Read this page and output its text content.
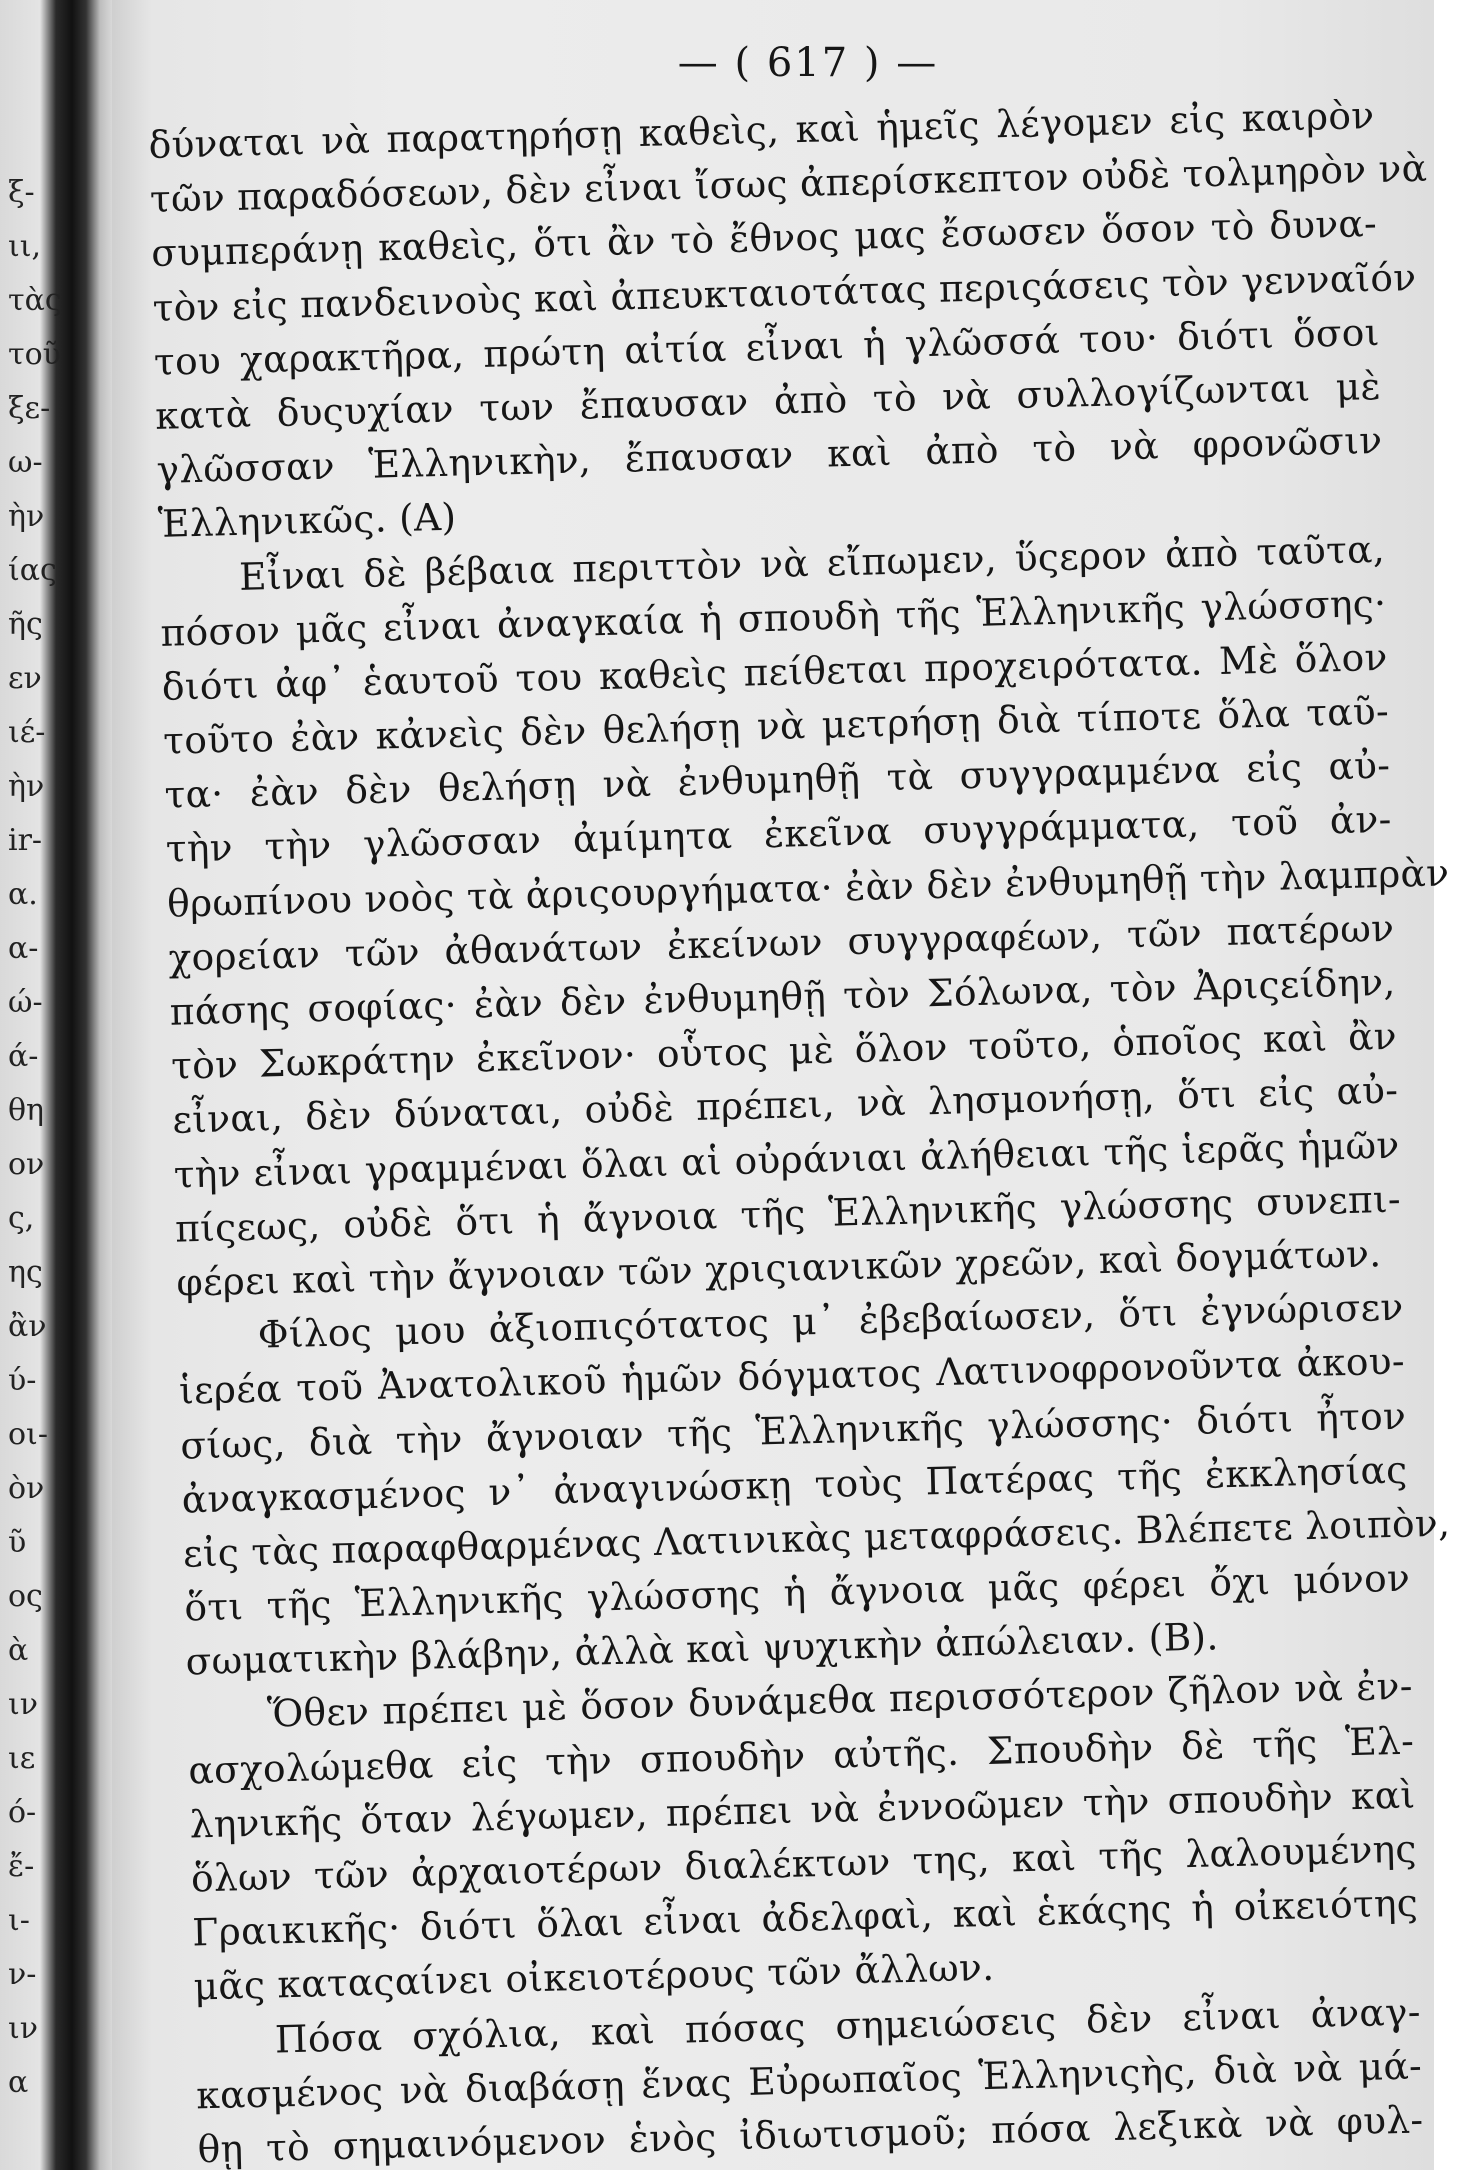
ξ-
ιι,
τὰς
τοῦ
ξε-
ω-
ὴν
ίας
ῆς
εν
ιέ-
ὴν
ir-
α.
α-
ώ-
ά-
θη
ον
ς,
ης
ἂν
ύ-
οι-
ὸν
ῦ
ος
ὰ
ιν
ιε
ό-
ἔ-
ι-
ν-
ιν
α
— ( 617 ) —
δύναται νὰ παρατηρήσῃ καθεὶς, καὶ ἡμεῖς λέγομεν εἰς καιρὸν
τῶν παραδόσεων, δὲν εἶναι ἴσως ἀπερίσκεπτον οὐδὲ τολμηρὸν νὰ
συμπεράνῃ καθεὶς, ὅτι ἂν τὸ ἔθνος μας ἔσωσεν ὅσον τὸ δυνα-
τὸν εἰς πανδεινοὺς καὶ ἀπευκταιοτάτας περιςάσεις τὸν γενναῖόν
του χαρακτῆρα, πρώτη αἰτία εἶναι ἡ γλῶσσά του· διότι ὅσοι
κατὰ δυςυχίαν των ἔπαυσαν ἀπὸ τὸ νὰ συλλογίζωνται μὲ
γλῶσσαν Ἑλληνικὴν, ἔπαυσαν καὶ ἀπὸ τὸ νὰ φρονῶσιν
Ἑλληνικῶς. (Α)
Εἶναι δὲ βέβαια περιττὸν νὰ εἴπωμεν, ὕςερον ἀπὸ ταῦτα,
πόσον μᾶς εἶναι ἀναγκαία ἡ σπουδὴ τῆς Ἑλληνικῆς γλώσσης·
διότι ἀφ᾽ ἑαυτοῦ του καθεὶς πείθεται προχειρότατα. Μὲ ὅλον
τοῦτο ἐὰν κἀνεὶς δὲν θελήσῃ νὰ μετρήσῃ διὰ τίποτε ὅλα ταῦ-
τα· ἐὰν δὲν θελήσῃ νὰ ἐνθυμηθῇ τὰ συγγραμμένα εἰς αὐ-
τὴν τὴν γλῶσσαν ἀμίμητα ἐκεῖνα συγγράμματα, τοῦ ἀν-
θρωπίνου νοὸς τὰ ἀριςουργήματα· ἐὰν δὲν ἐνθυμηθῇ τὴν λαμπρὰν
χορείαν τῶν ἀθανάτων ἐκείνων συγγραφέων, τῶν πατέρων
πάσης σοφίας· ἐὰν δὲν ἐνθυμηθῇ τὸν Σόλωνα, τὸν Ἀριςείδην,
τὸν Σωκράτην ἐκεῖνον· οὗτος μὲ ὅλον τοῦτο, ὁποῖος καὶ ἂν
εἶναι, δὲν δύναται, οὐδὲ πρέπει, νὰ λησμονήσῃ, ὅτι εἰς αὐ-
τὴν εἶναι γραμμέναι ὅλαι αἱ οὐράνιαι ἀλήθειαι τῆς ἱερᾶς ἡμῶν
πίςεως, οὐδὲ ὅτι ἡ ἄγνοια τῆς Ἑλληνικῆς γλώσσης συνεπι-
φέρει καὶ τὴν ἄγνοιαν τῶν χριςιανικῶν χρεῶν, καὶ δογμάτων.
Φίλος μου ἀξιοπιςότατος μ᾽ ἐβεβαίωσεν, ὅτι ἐγνώρισεν
ἱερέα τοῦ Ἀνατολικοῦ ἡμῶν δόγματος Λατινοφρονοῦντα ἀκου-
σίως, διὰ τὴν ἄγνοιαν τῆς Ἑλληνικῆς γλώσσης· διότι ἦτον
ἀναγκασμένος ν᾽ ἀναγινώσκῃ τοὺς Πατέρας τῆς ἐκκλησίας
εἰς τὰς παραφθαρμένας Λατινικὰς μεταφράσεις. Βλέπετε λοιπὸν,
ὅτι τῆς Ἑλληνικῆς γλώσσης ἡ ἄγνοια μᾶς φέρει ὄχι μόνον
σωματικὴν βλάβην, ἀλλὰ καὶ ψυχικὴν ἀπώλειαν. (Β).
Ὅθεν πρέπει μὲ ὅσον δυνάμεθα περισσότερον ζῆλον νὰ ἐν-
ασχολώμεθα εἰς τὴν σπουδὴν αὐτῆς. Σπουδὴν δὲ τῆς Ἑλ-
ληνικῆς ὅταν λέγωμεν, πρέπει νὰ ἐννοῶμεν τὴν σπουδὴν καὶ
ὅλων τῶν ἀρχαιοτέρων διαλέκτων της, καὶ τῆς λαλουμένης
Γραικικῆς· διότι ὅλαι εἶναι ἀδελφαὶ, καὶ ἑκάςης ἡ οἰκειότης
μᾶς καταςαίνει οἰκειοτέρους τῶν ἄλλων.
Πόσα σχόλια, καὶ πόσας σημειώσεις δὲν εἶναι ἀναγ-
κασμένος νὰ διαβάσῃ ἕνας Εὐρωπαῖος Ἑλληνιςὴς, διὰ νὰ μά-
θῃ τὸ σημαινόμενον ἑνὸς ἰδιωτισμοῦ; πόσα λεξικὰ νὰ φυλ-
